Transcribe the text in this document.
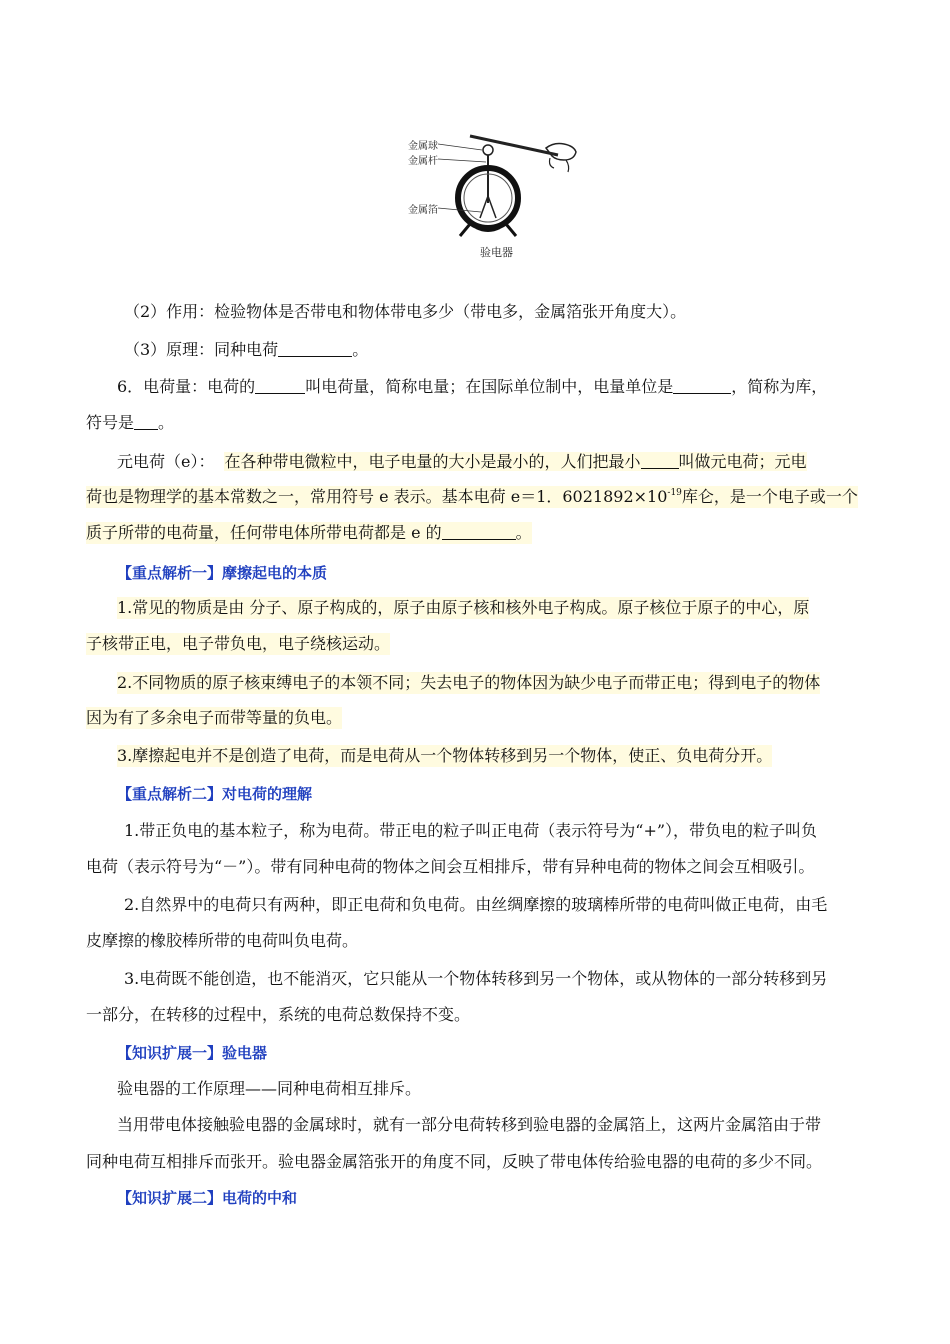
金属球
金属杆
金属箔
验电器
（2）作用：检验物体是否带电和物体带电多少（带电多，金属箔张开角度大）。
（3）原理：同种电荷	。
6．电荷量：电荷的	叫电荷量，简称电量；在国际单位制中，电量单位是	，简称为库，
符号是 。
元电荷（e）： 在各种带电微粒中，电子电量的大小是最小的，人们把最小 叫做元电荷；元电
荷也是物理学的基本常数之一，常用符号 e 表示。基本电荷 e＝1．$6021892\times 10^{-19}$库仑，是一个电子或一个
质子所带的电荷量，任何带电体所带电荷都是 e 的	。
【重点解析一】摩擦起电的本质
1.常见的物质是由 分子、原子构成的，原子由原子核和核外电子构成。原子核位于原子的中心，原
子核带正电，电子带负电，电子绕核运动。
2.不同物质的原子核束缚电子的本领不同；失去电子的物体因为缺少电子而带正电；得到电子的物体
因为有了多余电子而带等量的负电。
3.摩擦起电并不是创造了电荷，而是电荷从一个物体转移到另一个物体，使正、负电荷分开。
【重点解析二】对电荷的理解
1.带正负电的基本粒子，称为电荷。带正电的粒子叫正电荷（表示符号为“+”），带负电的粒子叫负
电荷（表示符号为“－”）。带有同种电荷的物体之间会互相排斥，带有异种电荷的物体之间会互相吸引。
2.自然界中的电荷只有两种，即正电荷和负电荷。由丝绸摩擦的玻璃棒所带的电荷叫做正电荷，由毛
皮摩擦的橡胶棒所带的电荷叫负电荷。
3.电荷既不能创造，也不能消灭，它只能从一个物体转移到另一个物体，或从物体的一部分转移到另
一部分，在转移的过程中，系统的电荷总数保持不变。
【知识扩展一】验电器
验电器的工作原理——同种电荷相互排斥。
当用带电体接触验电器的金属球时，就有一部分电荷转移到验电器的金属箔上，这两片金属箔由于带
同种电荷互相排斥而张开。验电器金属箔张开的角度不同，反映了带电体传给验电器的电荷的多少不同。
【知识扩展二】电荷的中和
